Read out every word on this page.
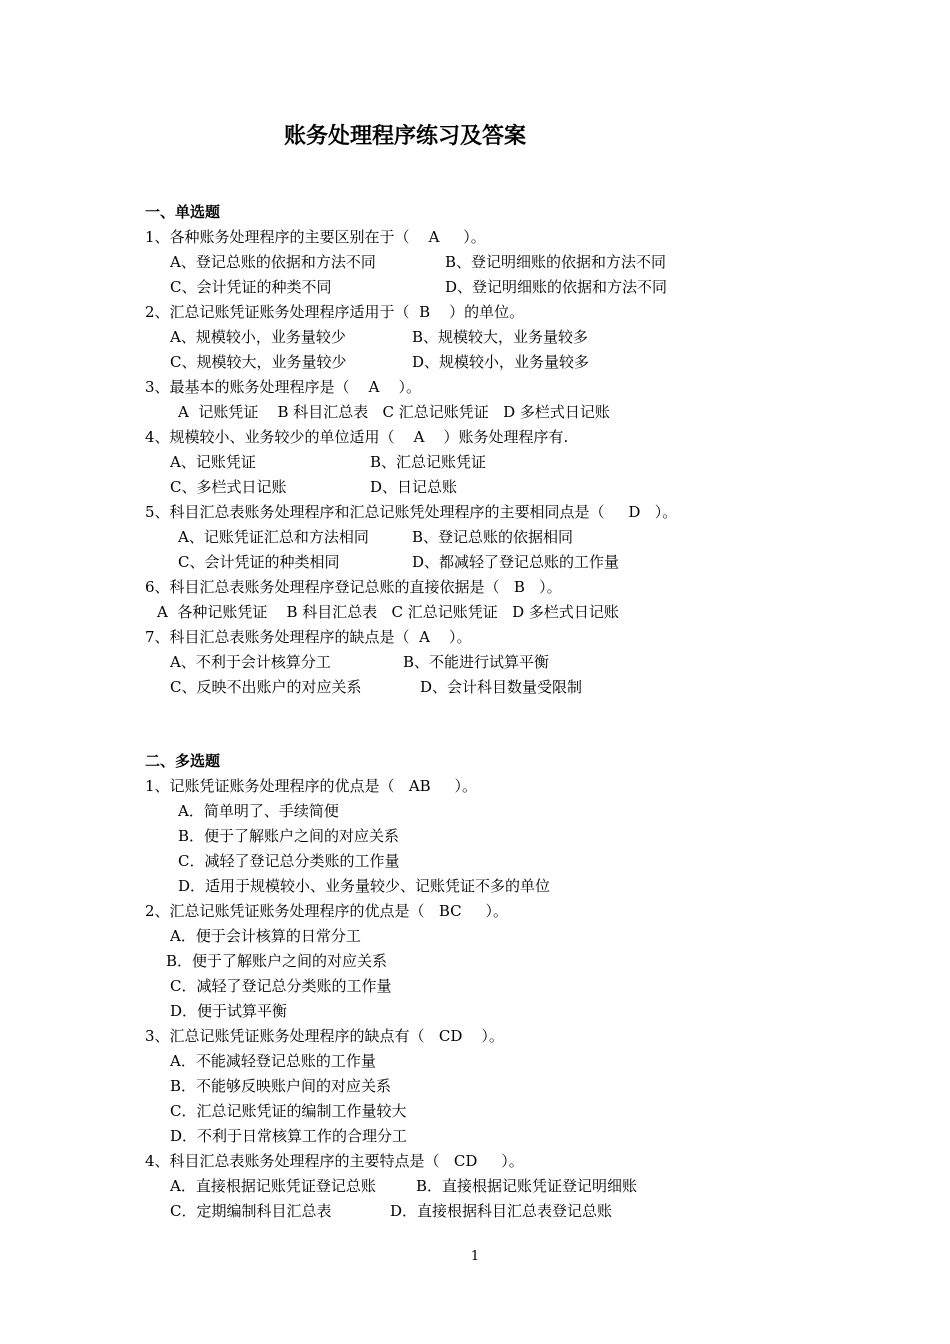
账务处理程序练习及答案
一、单选题
1、各种账务处理程序的主要区别在于（    A     ）。
A、登记总账的依据和方法不同	B、登记明细账的依据和方法不同
C、会计凭证的种类不同	D、登记明细账的依据和方法不同
2、汇总记账凭证账务处理程序适用于（  B    ）的单位。
A、规模较小，业务量较少	B、规模较大，业务量较多
C、规模较大，业务量较少	D、规模较小，业务量较多
3、最基本的账务处理程序是（    A    ）。
A  记账凭证    B 科目汇总表   C 汇总记账凭证   D 多栏式日记账
4、规模较小、业务较少的单位适用（    A    ）账务处理程序有.
A、记账凭证	B、汇总记账凭证
C、多栏式日记账	D、日记总账
5、科目汇总表账务处理程序和汇总记账凭处理程序的主要相同点是（     D   ）。
A、记账凭证汇总和方法相同	B、登记总账的依据相同
C、会计凭证的种类相同	D、都减轻了登记总账的工作量
6、科目汇总表账务处理程序登记总账的直接依据是（   B   ）。
A  各种记账凭证    B 科目汇总表   C 汇总记账凭证   D 多栏式日记账
7、科目汇总表账务处理程序的缺点是（  A    ）。
A、不利于会计核算分工	B、不能进行试算平衡
C、反映不出账户的对应关系	D、会计科目数量受限制
二、多选题
1、记账凭证账务处理程序的优点是（   AB     ）。
A．简单明了、手续简便
B．便于了解账户之间的对应关系
C．减轻了登记总分类账的工作量
D．适用于规模较小、业务量较少、记账凭证不多的单位
2、汇总记账凭证账务处理程序的优点是（   BC     ）。
A．便于会计核算的日常分工
B．便于了解账户之间的对应关系
C．减轻了登记总分类账的工作量
D．便于试算平衡
3、汇总记账凭证账务处理程序的缺点有（   CD    ）。
A．不能减轻登记总账的工作量
B．不能够反映账户间的对应关系
C．汇总记账凭证的编制工作量较大
D．不利于日常核算工作的合理分工
4、科目汇总表账务处理程序的主要特点是（   CD     ）。
A．直接根据记账凭证登记总账	B．直接根据记账凭证登记明细账
C．定期编制科目汇总表	D．直接根据科目汇总表登记总账
1
